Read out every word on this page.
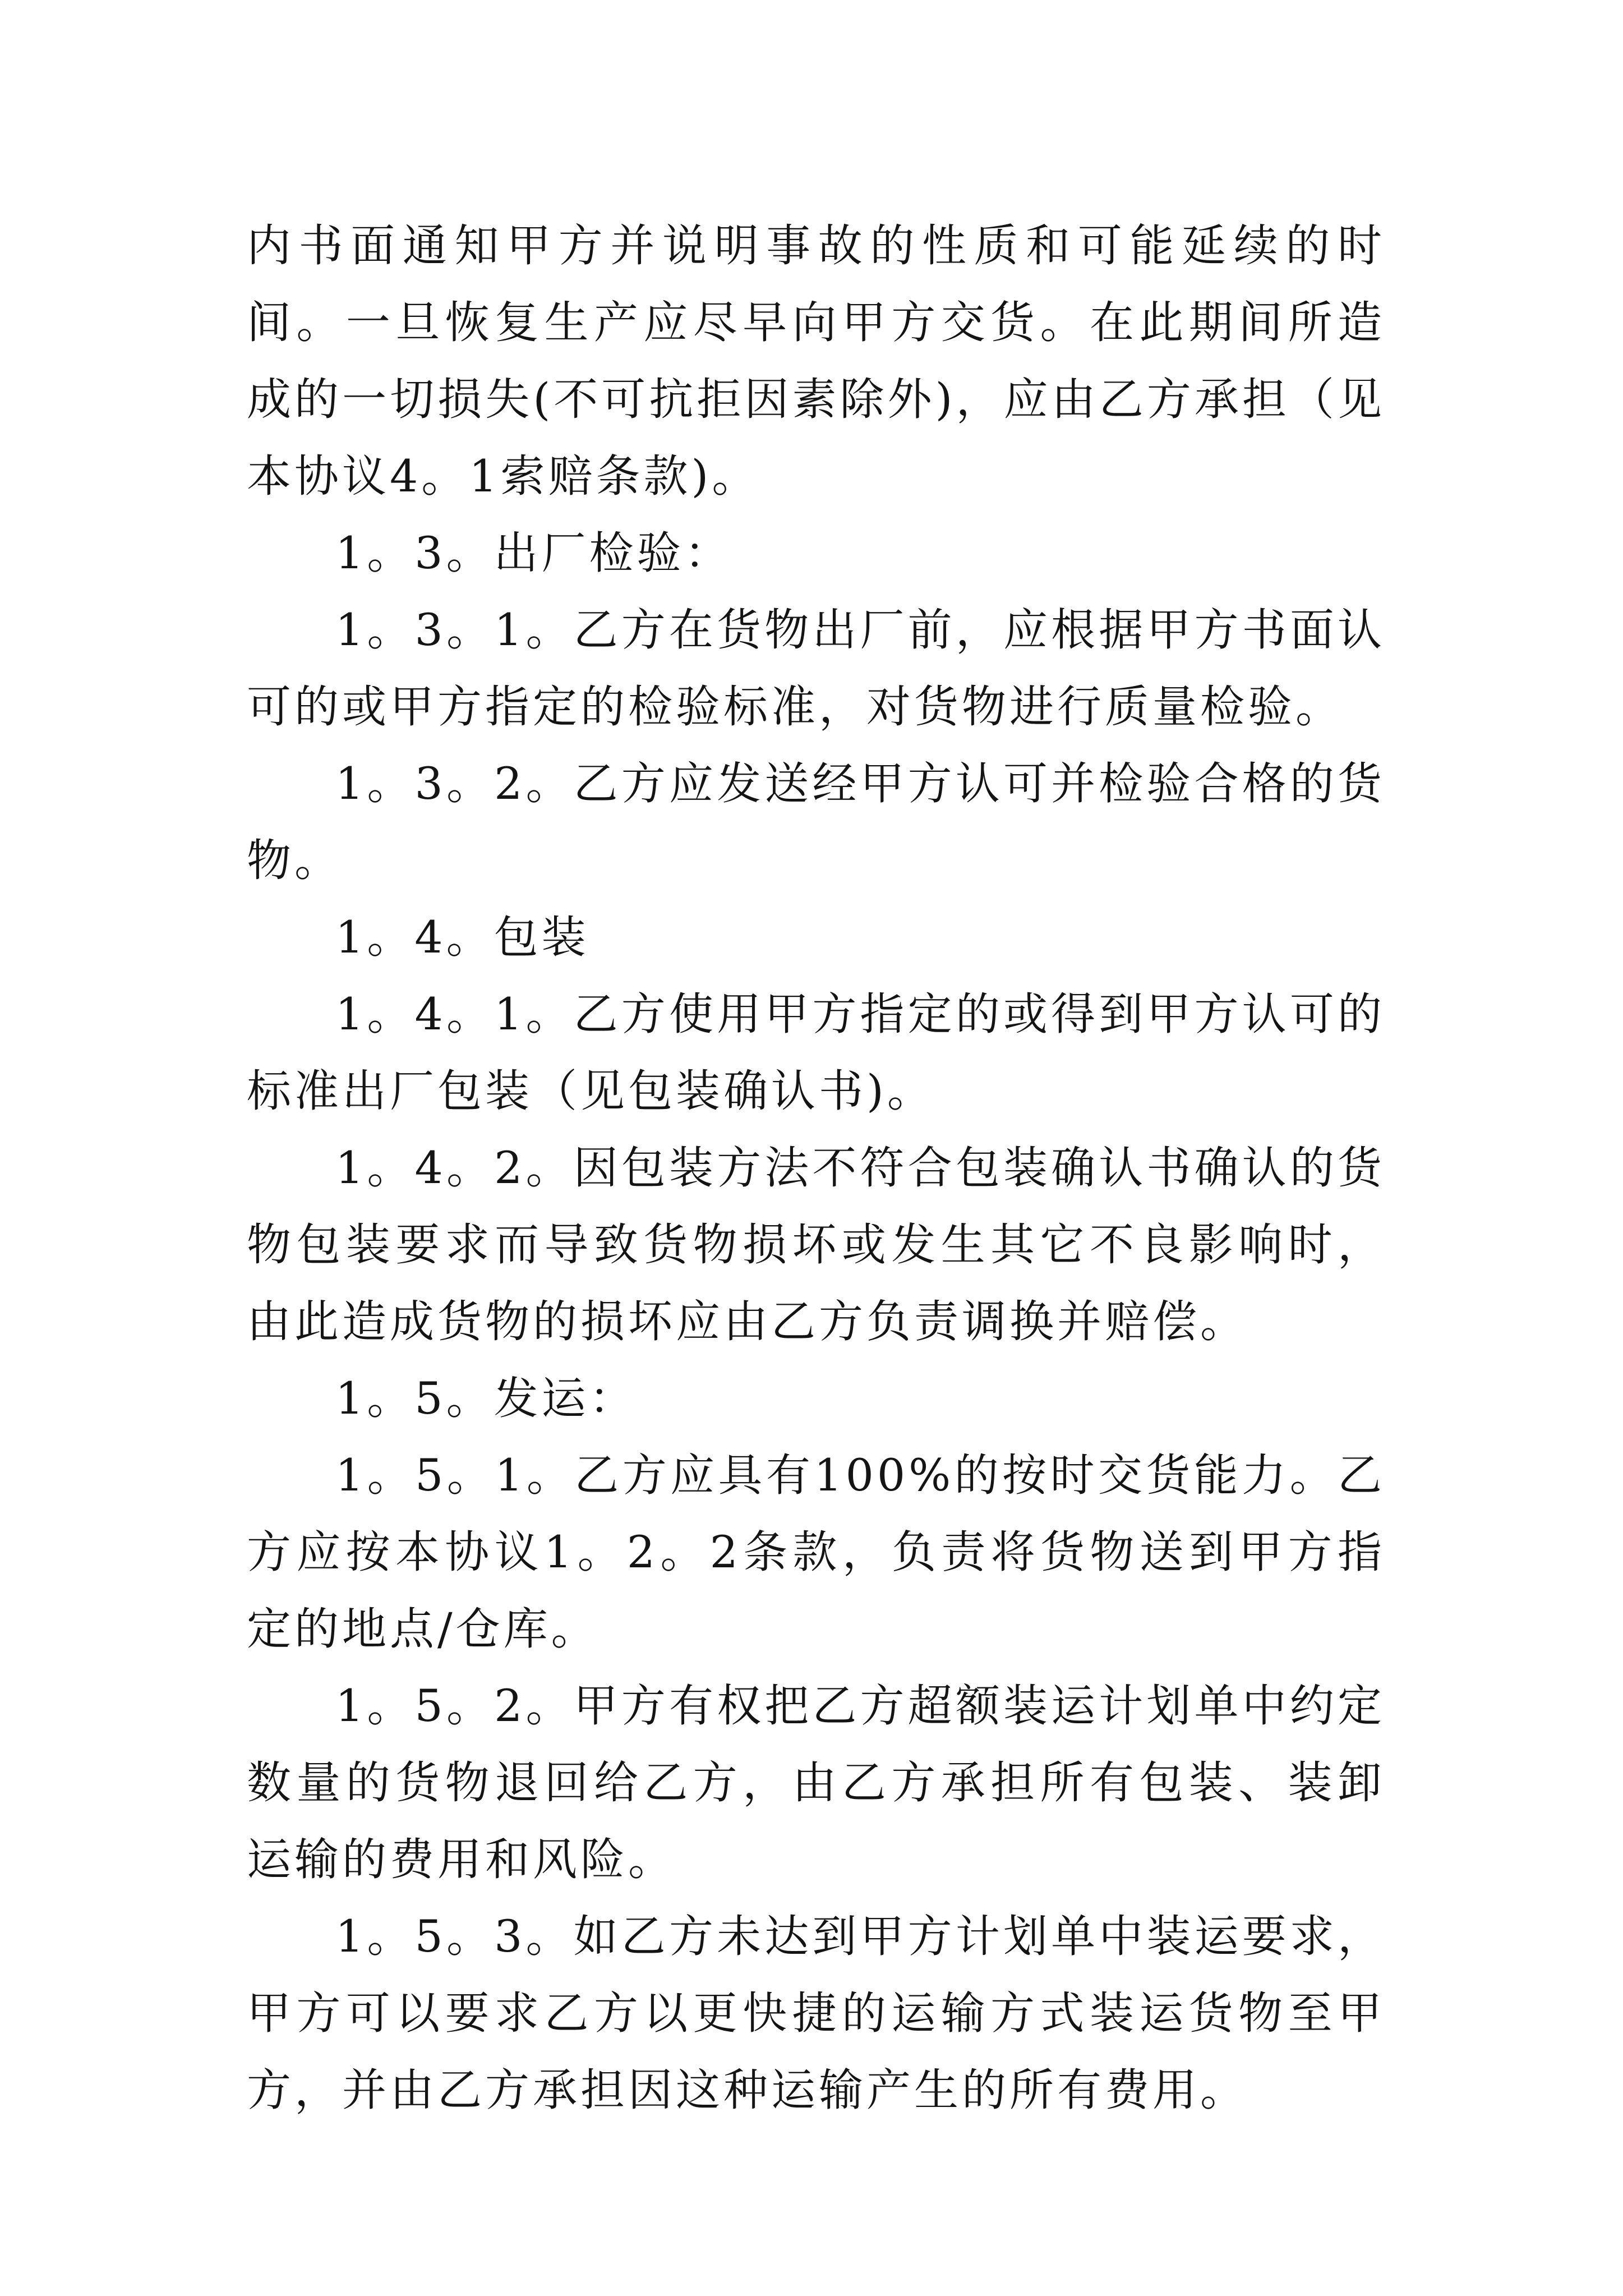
内书面通知甲方并说明事故的性质和可能延续的时间。一旦恢复生产应尽早向甲方交货。在此期间所造成的一切损失(不可抗拒因素除外)，应由乙方承担（见本协议4。1索赔条款)。

1。3。出厂检验：

1。3。1。乙方在货物出厂前，应根据甲方书面认可的或甲方指定的检验标准，对货物进行质量检验。

1。3。2。乙方应发送经甲方认可并检验合格的货物。

1。4。包装

1。4。1。乙方使用甲方指定的或得到甲方认可的标准出厂包装（见包装确认书)。

1。4。2。因包装方法不符合包装确认书确认的货物包装要求而导致货物损坏或发生其它不良影响时，由此造成货物的损坏应由乙方负责调换并赔偿。

1。5。发运：

1。5。1。乙方应具有100%的按时交货能力。乙方应按本协议1。2。2条款，负责将货物送到甲方指定的地点/仓库。

1。5。2。甲方有权把乙方超额装运计划单中约定数量的货物退回给乙方，由乙方承担所有包装、装卸运输的费用和风险。

1。5。3。如乙方未达到甲方计划单中装运要求，甲方可以要求乙方以更快捷的运输方式装运货物至甲方，并由乙方承担因这种运输产生的所有费用。
